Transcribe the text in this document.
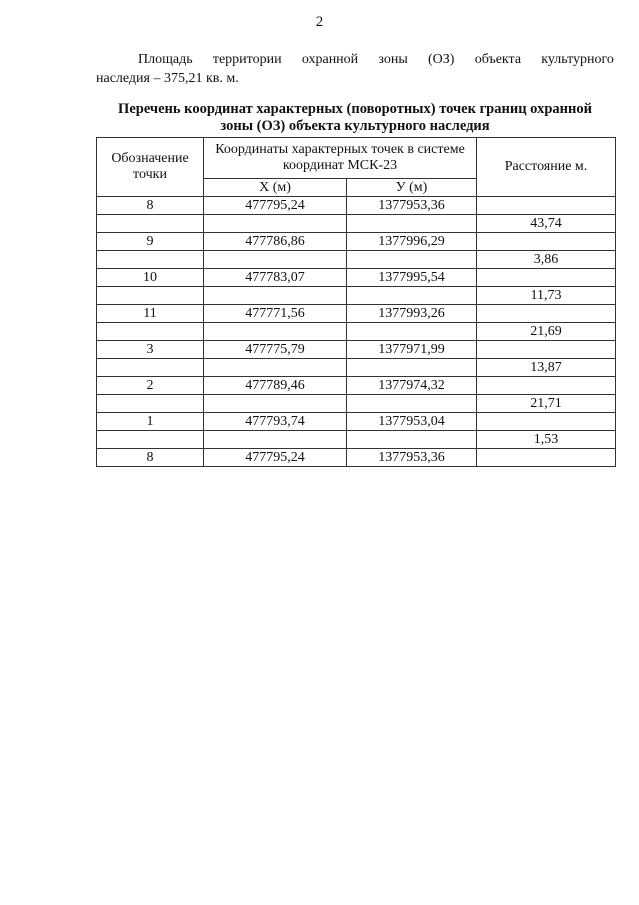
2
Площадь территории охранной зоны (ОЗ) объекта культурного
наследия – 375,21 кв. м.
Перечень координат характерных (поворотных) точек границ охранной
зоны (ОЗ) объекта культурного наследия
Обозначение точки	Координаты характерных точек в системе координат МСК-23		Расстояние м.
	Х (м)	У (м)	
8	477795,24	1377953,36	
			43,74
9	477786,86	1377996,29	
			3,86
10	477783,07	1377995,54	
			11,73
11	477771,56	1377993,26	
			21,69
3	477775,79	1377971,99	
			13,87
2	477789,46	1377974,32	
			21,71
1	477793,74	1377953,04	
			1,53
8	477795,24	1377953,36	
